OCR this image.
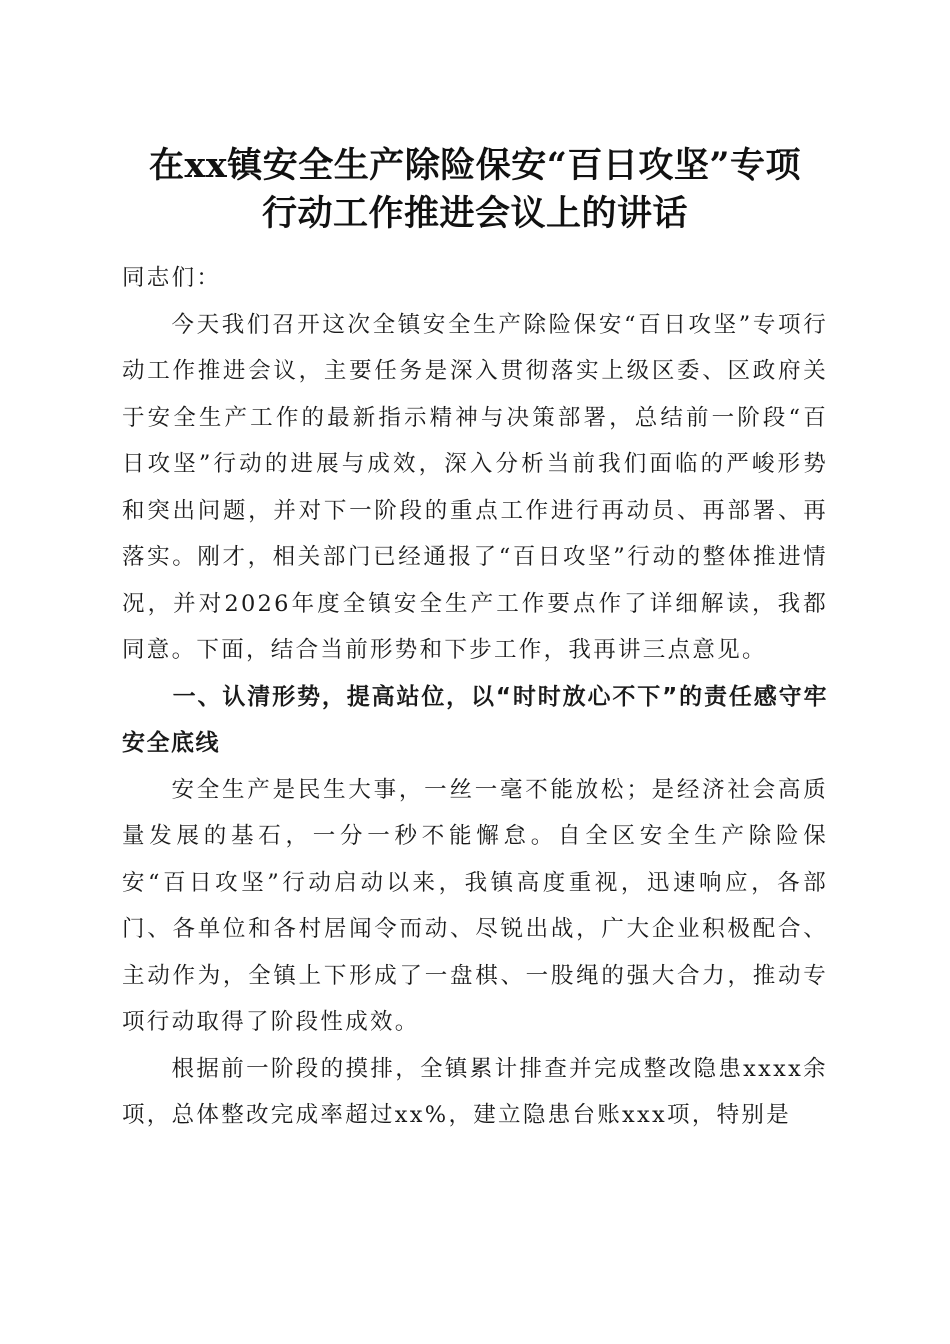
在xx镇安全生产除险保安“百日攻坚”专项
行动工作推进会议上的讲话

同志们：

今天我们召开这次全镇安全生产除险保安“百日攻坚”专项行动工作推进会议，主要任务是深入贯彻落实上级区委、区政府关于安全生产工作的最新指示精神与决策部署，总结前一阶段“百日攻坚”行动的进展与成效，深入分析当前我们面临的严峻形势和突出问题，并对下一阶段的重点工作进行再动员、再部署、再落实。刚才，相关部门已经通报了“百日攻坚”行动的整体推进情况，并对2026年度全镇安全生产工作要点作了详细解读，我都同意。下面，结合当前形势和下步工作，我再讲三点意见。

一、认清形势，提高站位，以“时时放心不下”的责任感守牢安全底线

安全生产是民生大事，一丝一毫不能放松；是经济社会高质量发展的基石，一分一秒不能懈怠。自全区安全生产除险保安“百日攻坚”行动启动以来，我镇高度重视，迅速响应，各部门、各单位和各村居闻令而动、尽锐出战，广大企业积极配合、主动作为，全镇上下形成了一盘棋、一股绳的强大合力，推动专项行动取得了阶段性成效。

根据前一阶段的摸排，全镇累计排查并完成整改隐患xxxx余项，总体整改完成率超过xx%，建立隐患台账xxx项，特别是
